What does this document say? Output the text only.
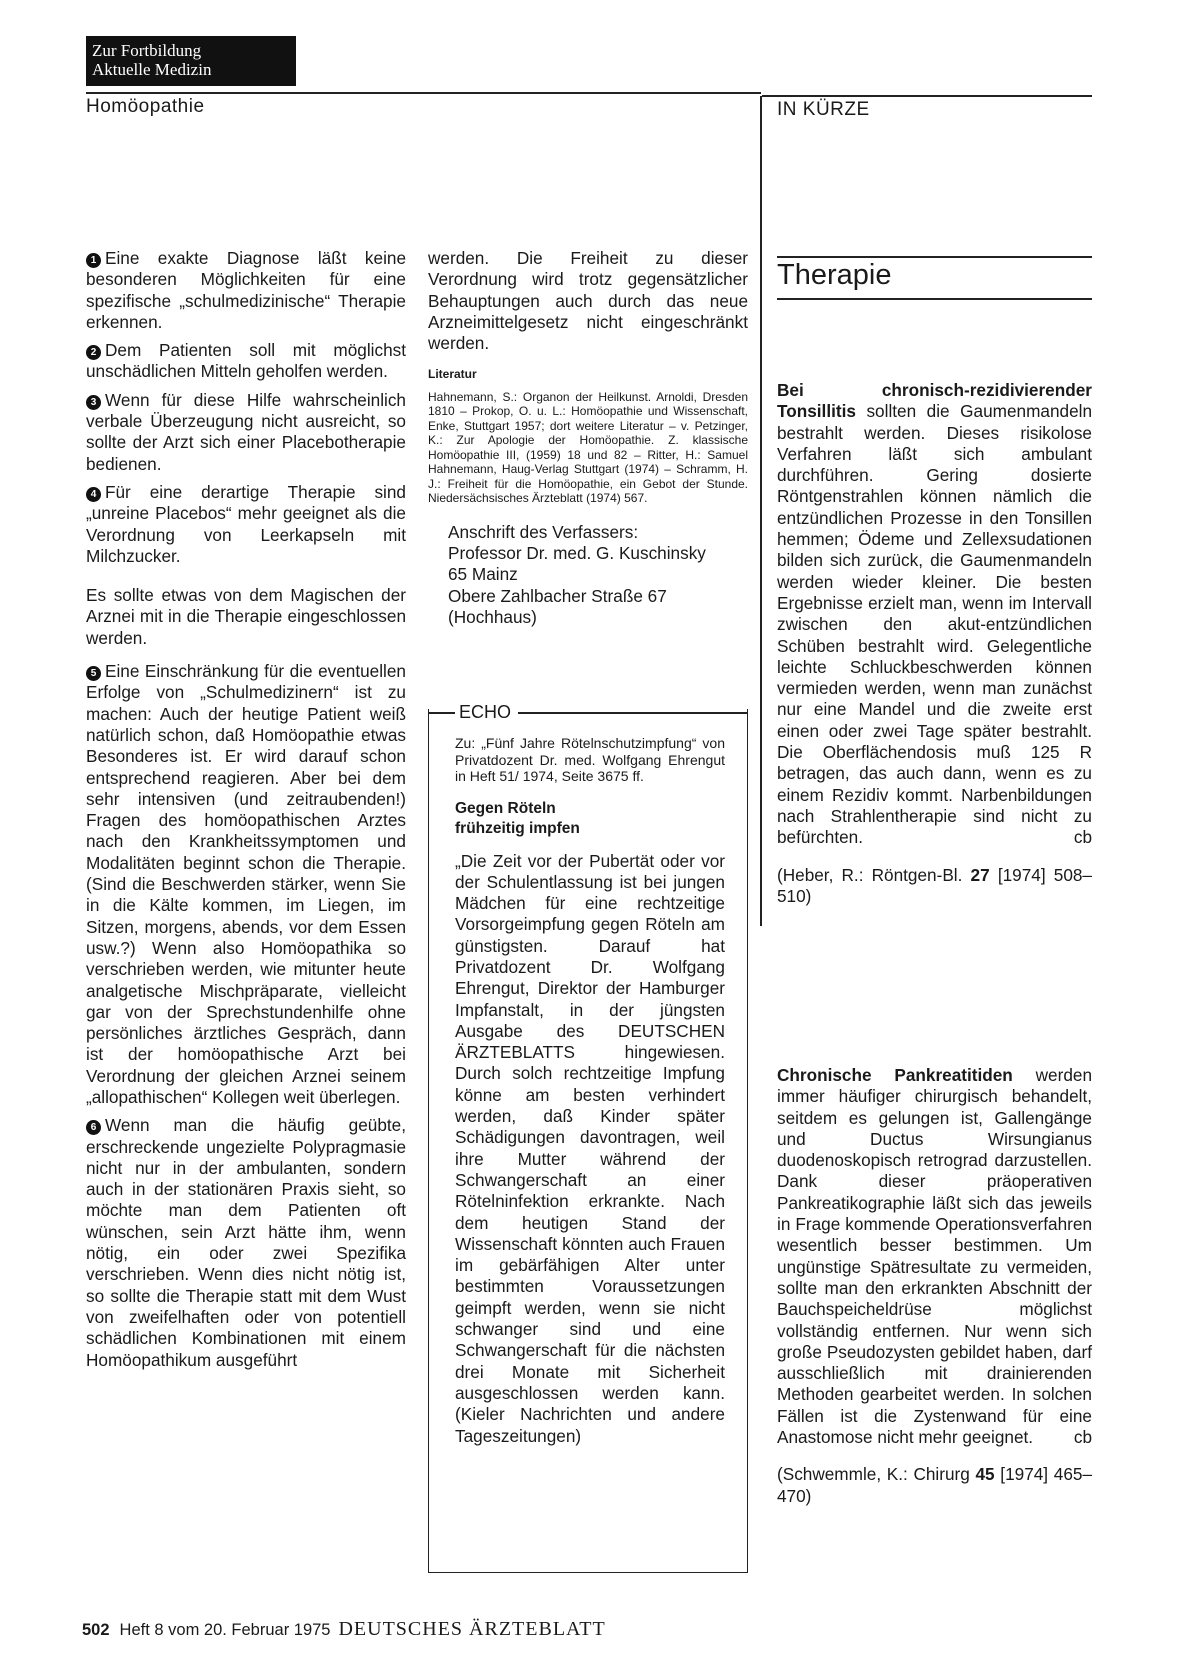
Zur Fortbildung
Aktuelle Medizin
Homöopathie	IN KÜRZE

1 Eine exakte Diagnose läßt keine besonderen Möglichkeiten für eine spezifische „schulmedizinische“ Therapie erkennen.

2 Dem Patienten soll mit möglichst unschädlichen Mitteln geholfen werden.

3 Wenn für diese Hilfe wahrscheinlich verbale Überzeugung nicht ausreicht, so sollte der Arzt sich einer Placebotherapie bedienen.

4 Für eine derartige Therapie sind „unreine Placebos“ mehr geeignet als die Verordnung von Leerkapseln mit Milchzucker.

Es sollte etwas von dem Magischen der Arznei mit in die Therapie eingeschlossen werden.

5 Eine Einschränkung für die eventuellen Erfolge von „Schulmedizinern“ ist zu machen: Auch der heutige Patient weiß natürlich schon, daß Homöopathie etwas Besonderes ist. Er wird darauf schon entsprechend reagieren. Aber bei dem sehr intensiven (und zeitraubenden!) Fragen des homöopathischen Arztes nach den Krankheitssymptomen und Modalitäten beginnt schon die Therapie. (Sind die Beschwerden stärker, wenn Sie in die Kälte kommen, im Liegen, im Sitzen, morgens, abends, vor dem Essen usw.?) Wenn also Homöopathika so verschrieben werden, wie mitunter heute analgetische Mischpräparate, vielleicht gar von der Sprechstundenhilfe ohne persönliches ärztliches Gespräch, dann ist der homöopathische Arzt bei Verordnung der gleichen Arznei seinem „allopathischen“ Kollegen weit überlegen.

6 Wenn man die häufig geübte, erschreckende ungezielte Polypragmasie nicht nur in der ambulanten, sondern auch in der stationären Praxis sieht, so möchte man dem Patienten oft wünschen, sein Arzt hätte ihm, wenn nötig, ein oder zwei Spezifika verschrieben. Wenn dies nicht nötig ist, so sollte die Therapie statt mit dem Wust von zweifelhaften oder von potentiell schädlichen Kombinationen mit einem Homöopathikum ausgeführt

werden. Die Freiheit zu dieser Verordnung wird trotz gegensätzlicher Behauptungen auch durch das neue Arzneimittelgesetz nicht eingeschränkt werden.

Literatur
Hahnemann, S.: Organon der Heilkunst. Arnoldi, Dresden 1810 – Prokop, O. u. L.: Homöopathie und Wissenschaft, Enke, Stuttgart 1957; dort weitere Literatur – v. Petzinger, K.: Zur Apologie der Homöopathie. Z. klassische Homöopathie III, (1959) 18 und 82 – Ritter, H.: Samuel Hahnemann, Haug-Verlag Stuttgart (1974) – Schramm, H. J.: Freiheit für die Homöopathie, ein Gebot der Stunde. Niedersächsisches Ärzteblatt (1974) 567.
Anschrift des Verfassers:
Professor Dr. med. G. Kuschinsky
65 Mainz
Obere Zahlbacher Straße 67
(Hochhaus)
ECHO
Zu: „Fünf Jahre Rötelnschutzimpfung“ von Privatdozent Dr. med. Wolfgang Ehrengut in Heft 51/ 1974, Seite 3675 ff.
Gegen Röteln
frühzeitig impfen
„Die Zeit vor der Pubertät oder vor der Schulentlassung ist bei jungen Mädchen für eine rechtzeitige Vorsorgeimpfung gegen Röteln am günstigsten. Darauf hat Privatdozent Dr. Wolfgang Ehrengut, Direktor der Hamburger Impfanstalt, in der jüngsten Ausgabe des DEUTSCHEN ÄRZTEBLATTS hingewiesen. Durch solch rechtzeitige Impfung könne am besten verhindert werden, daß Kinder später Schädigungen davontragen, weil ihre Mutter während der Schwangerschaft an einer Rötelninfektion erkrankte. Nach dem heutigen Stand der Wissenschaft könnten auch Frauen im gebärfähigen Alter unter bestimmten Voraussetzungen geimpft werden, wenn sie nicht schwanger sind und eine Schwangerschaft für die nächsten drei Monate mit Sicherheit ausgeschlossen werden kann. (Kieler Nachrichten und andere Tageszeitungen)
Therapie
Bei chronisch-rezidivierender Tonsillitis sollten die Gaumenmandeln bestrahlt werden. Dieses risikolose Verfahren läßt sich ambulant durchführen. Gering dosierte Röntgenstrahlen können nämlich die entzündlichen Prozesse in den Tonsillen hemmen; Ödeme und Zellexsudationen bilden sich zurück, die Gaumenmandeln werden wieder kleiner. Die besten Ergebnisse erzielt man, wenn im Intervall zwischen den akut-entzündlichen Schüben bestrahlt wird. Gelegentliche leichte Schluckbeschwerden können vermieden werden, wenn man zunächst nur eine Mandel und die zweite erst einen oder zwei Tage später bestrahlt. Die Oberflächendosis muß 125 R betragen, das auch dann, wenn es zu einem Rezidiv kommt. Narbenbildungen nach Strahlentherapie sind nicht zu befürchten.	cb
(Heber, R.: Röntgen-Bl. 27 [1974] 508–510)
Chronische Pankreatitiden werden immer häufiger chirurgisch behandelt, seitdem es gelungen ist, Gallengänge und Ductus Wirsungianus duodenoskopisch retrograd darzustellen. Dank dieser präoperativen Pankreatikographie läßt sich das jeweils in Frage kommende Operationsverfahren wesentlich besser bestimmen. Um ungünstige Spätresultate zu vermeiden, sollte man den erkrankten Abschnitt der Bauchspeicheldrüse möglichst vollständig entfernen. Nur wenn sich große Pseudozysten gebildet haben, darf ausschließlich mit drainierenden Methoden gearbeitet werden. In solchen Fällen ist die Zystenwand für eine Anastomose nicht mehr geeignet. cb
(Schwemmle, K.: Chirurg 45 [1974] 465–470)
502 Heft 8 vom 20. Februar 1975 DEUTSCHES ÄRZTEBLATT
